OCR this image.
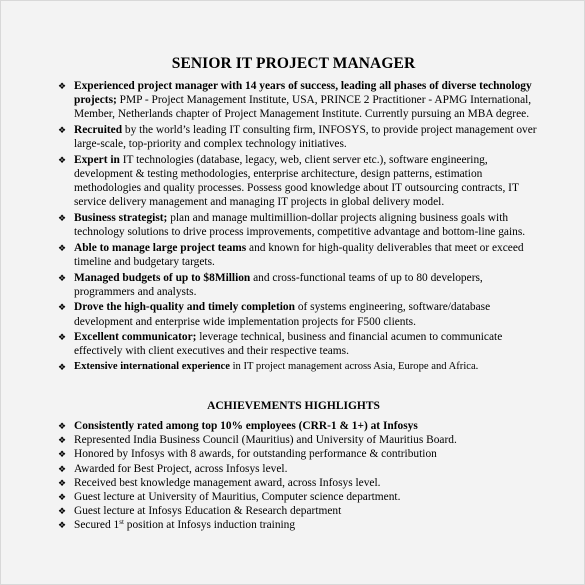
SENIOR IT PROJECT MANAGER
❖ Experienced project manager with 14 years of success, leading all phases of diverse technology projects; PMP - Project Management Institute, USA, PRINCE 2 Practitioner - APMG International, Member, Netherlands chapter of Project Management Institute. Currently pursuing an MBA degree.
❖ Recruited by the world’s leading IT consulting firm, INFOSYS, to provide project management over large-scale, top-priority and complex technology initiatives.
❖ Expert in IT technologies (database, legacy, web, client server etc.), software engineering, development & testing methodologies, enterprise architecture, design patterns, estimation methodologies and quality processes. Possess good knowledge about IT outsourcing contracts, IT service delivery management and managing IT projects in global delivery model.
❖ Business strategist; plan and manage multimillion-dollar projects aligning business goals with technology solutions to drive process improvements, competitive advantage and bottom-line gains.
❖ Able to manage large project teams and known for high-quality deliverables that meet or exceed timeline and budgetary targets.
❖ Managed budgets of up to $8Million and cross-functional teams of up to 80 developers, programmers and analysts.
❖ Drove the high-quality and timely completion of systems engineering, software/database development and enterprise wide implementation projects for F500 clients.
❖ Excellent communicator; leverage technical, business and financial acumen to communicate effectively with client executives and their respective teams.
❖ Extensive international experience in IT project management across Asia, Europe and Africa.
ACHIEVEMENTS HIGHLIGHTS
❖ Consistently rated among top 10% employees (CRR-1 & 1+) at Infosys
❖ Represented India Business Council (Mauritius) and University of Mauritius Board.
❖ Honored by Infosys with 8 awards, for outstanding performance & contribution
❖ Awarded for Best Project, across Infosys level.
❖ Received best knowledge management award, across Infosys level.
❖ Guest lecture at University of Mauritius, Computer science department.
❖ Guest lecture at Infosys Education & Research department
❖ Secured 1st position at Infosys induction training
